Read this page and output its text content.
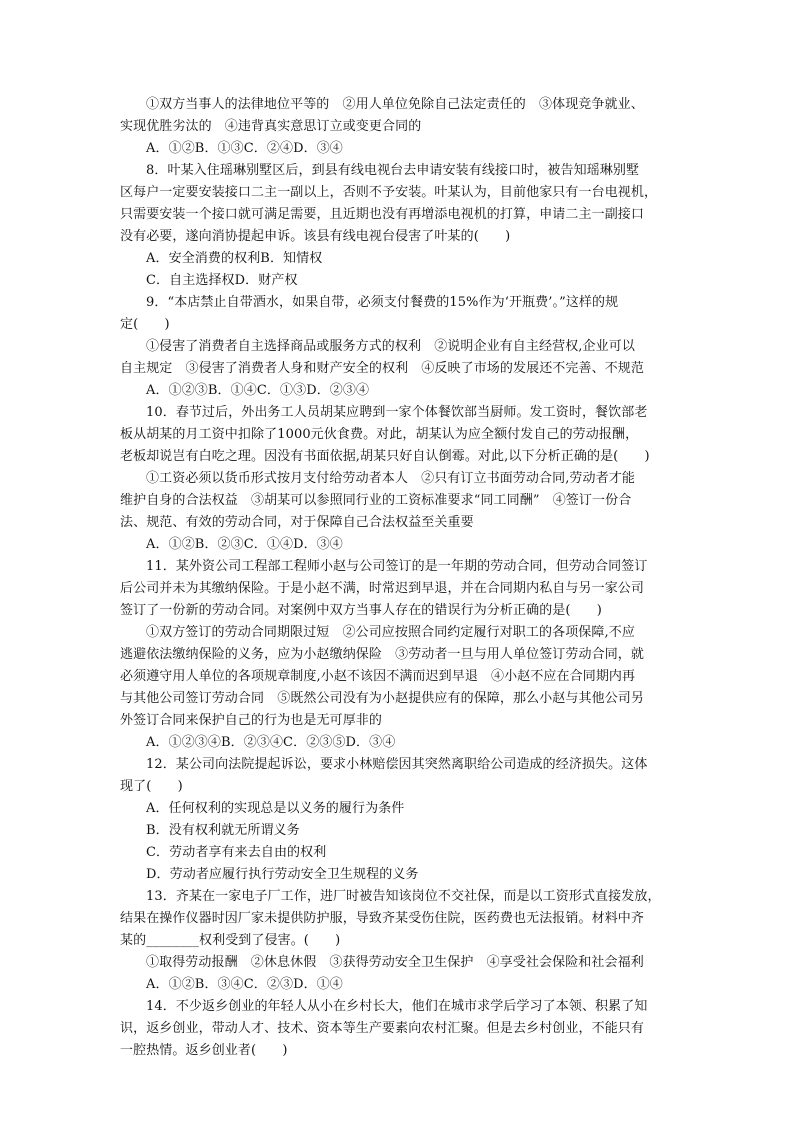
①双方当事人的法律地位平等的　②用人单位免除自己法定责任的　③体现竞争就业、
实现优胜劣汰的　④违背真实意思订立或变更合同的
A．①②B．①③C．②④D．③④
8．叶某入住瑶琳别墅区后，到县有线电视台去申请安装有线接口时，被告知瑶琳别墅
区每户一定要安装接口二主一副以上，否则不予安装。叶某认为，目前他家只有一台电视机，
只需要安装一个接口就可满足需要，且近期也没有再增添电视机的打算，申请二主一副接口
没有必要，遂向消协提起申诉。该县有线电视台侵害了叶某的(　　)
A．安全消费的权利B．知情权
C．自主选择权D．财产权
9．“本店禁止自带酒水，如果自带，必须支付餐费的15%作为‘开瓶费’。”这样的规
定(　　)
①侵害了消费者自主选择商品或服务方式的权利　②说明企业有自主经营权,企业可以
自主规定　③侵害了消费者人身和财产安全的权利　④反映了市场的发展还不完善、不规范
A．①②③B．①④C．①③D．②③④
10．春节过后，外出务工人员胡某应聘到一家个体餐饮部当厨师。发工资时，餐饮部老
板从胡某的月工资中扣除了1000元伙食费。对此，胡某认为应全额付发自己的劳动报酬，
老板却说岂有白吃之理。因没有书面依据,胡某只好自认倒霉。对此,以下分析正确的是(　　)
①工资必须以货币形式按月支付给劳动者本人　②只有订立书面劳动合同,劳动者才能
维护自身的合法权益　③胡某可以参照同行业的工资标准要求“同工同酬”　④签订一份合
法、规范、有效的劳动合同，对于保障自己合法权益至关重要
A．①②B．②③C．①④D．③④
11．某外资公司工程部工程师小赵与公司签订的是一年期的劳动合同，但劳动合同签订
后公司并未为其缴纳保险。于是小赵不满，时常迟到早退，并在合同期内私自与另一家公司
签订了一份新的劳动合同。对案例中双方当事人存在的错误行为分析正确的是(　　)
①双方签订的劳动合同期限过短　②公司应按照合同约定履行对职工的各项保障,不应
逃避依法缴纳保险的义务，应为小赵缴纳保险　③劳动者一旦与用人单位签订劳动合同，就
必须遵守用人单位的各项规章制度,小赵不该因不满而迟到早退　④小赵不应在合同期内再
与其他公司签订劳动合同　⑤既然公司没有为小赵提供应有的保障，那么小赵与其他公司另
外签订合同来保护自己的行为也是无可厚非的
A．①②③④B．②③④C．②③⑤D．③④
12．某公司向法院提起诉讼，要求小林赔偿因其突然离职给公司造成的经济损失。这体
现了(　　)
A．任何权利的实现总是以义务的履行为条件
B．没有权利就无所谓义务
C．劳动者享有来去自由的权利
D．劳动者应履行执行劳动安全卫生规程的义务
13．齐某在一家电子厂工作，进厂时被告知该岗位不交社保，而是以工资形式直接发放，
结果在操作仪器时因厂家未提供防护服，导致齐某受伤住院，医药费也无法报销。材料中齐
某的________权利受到了侵害。(　　)
①取得劳动报酬　②休息休假　③获得劳动安全卫生保护　④享受社会保险和社会福利
A．①②B．③④C．②③D．①④
14．不少返乡创业的年轻人从小在乡村长大，他们在城市求学后学习了本领、积累了知
识，返乡创业，带动人才、技术、资本等生产要素向农村汇聚。但是去乡村创业，不能只有
一腔热情。返乡创业者(　　)
